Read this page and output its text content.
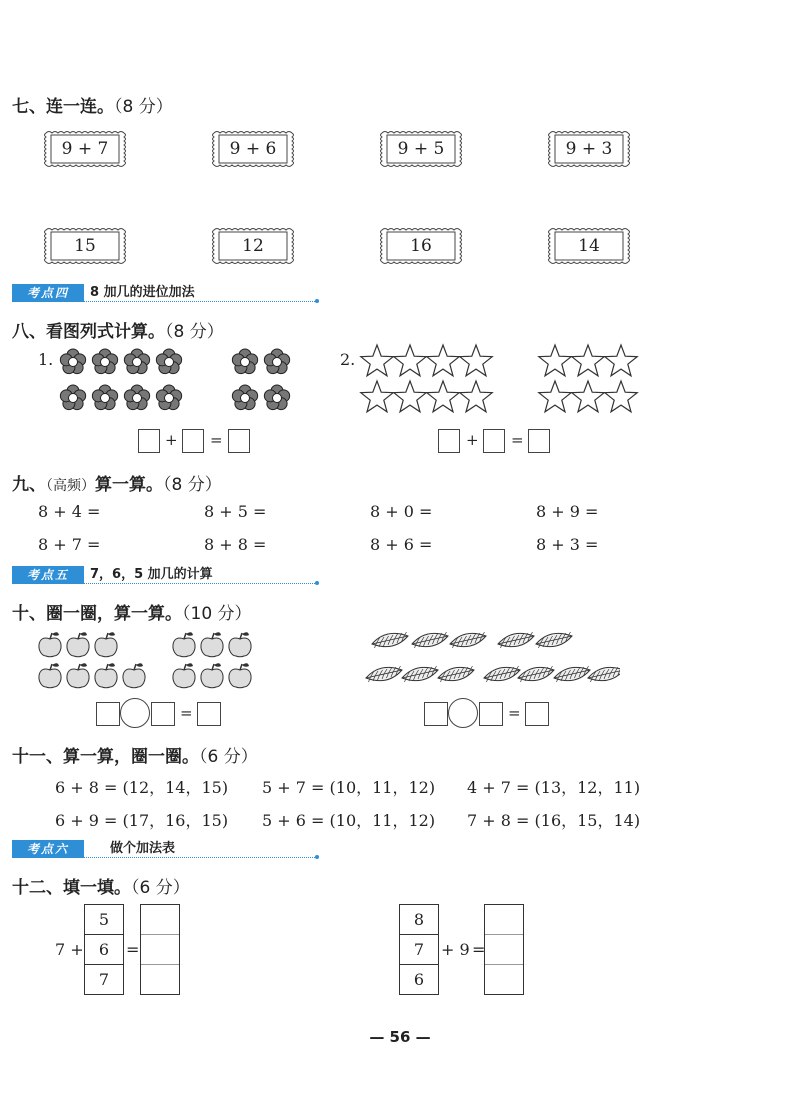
七、连一连。（8 分）
9 + 7	9 + 6	9 + 5	9 + 3
15	12	16	14
考点四	8 加几的进位加法
八、看图列式计算。（8 分）
1.	2.
+ =	+ =
九、（高频）算一算。（8 分）
8 + 4 =	8 + 5 =	8 + 0 =	8 + 9 =
8 + 7 =	8 + 8 =	8 + 6 =	8 + 3 =
考点五	7，6，5 加几的计算
十、圈一圈，算一算。（10 分）
=	=
十一、算一算，圈一圈。（6 分）
6 + 8 = (12，14，15) 5 + 7 = (10，11，12) 4 + 7 = (13，12，11)
6 + 9 = (17，16，15) 5 + 6 = (10，11，12) 7 + 8 = (16，15，14)
考点六	做个加法表
十二、填一填。（6 分）
7 +
5
6
7
=
8
7
6
+ 9 =
— 56 —
